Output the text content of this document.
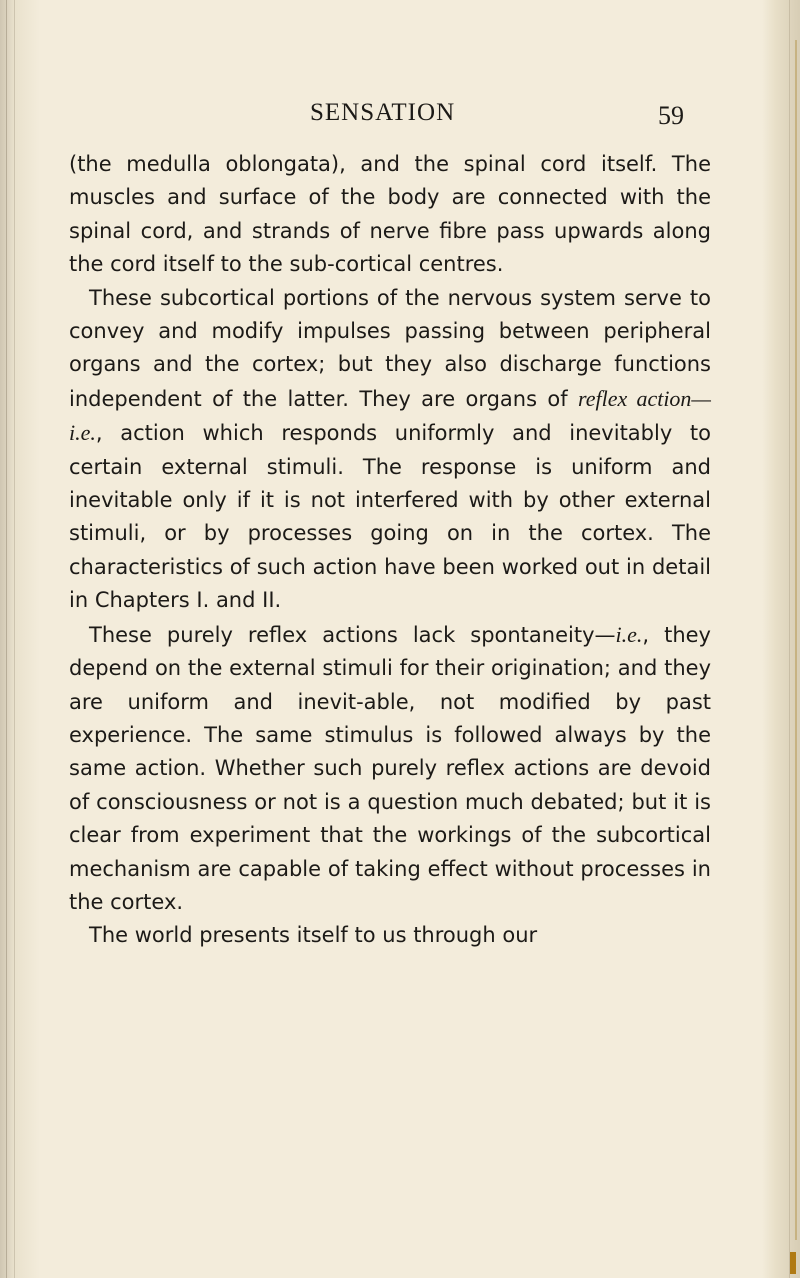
SENSATION	59

(the medulla oblongata), and the spinal cord itself. The muscles and surface of the body are connected with the spinal cord, and strands of nerve fibre pass upwards along the cord itself to the sub-cortical centres.

These subcortical portions of the nervous system serve to convey and modify impulses passing between peripheral organs and the cortex; but they also discharge functions independent of the latter. They are organs of reflex action—i.e., action which responds uniformly and inevitably to certain external stimuli. The response is uniform and inevitable only if it is not interfered with by other external stimuli, or by processes going on in the cortex. The characteristics of such action have been worked out in detail in Chapters I. and II.

These purely reflex actions lack spontaneity—i.e., they depend on the external stimuli for their origination; and they are uniform and inevit-able, not modified by past experience. The same stimulus is followed always by the same action. Whether such purely reflex actions are devoid of consciousness or not is a question much debated; but it is clear from experiment that the workings of the subcortical mechanism are capable of taking effect without processes in the cortex.

The world presents itself to us through our
